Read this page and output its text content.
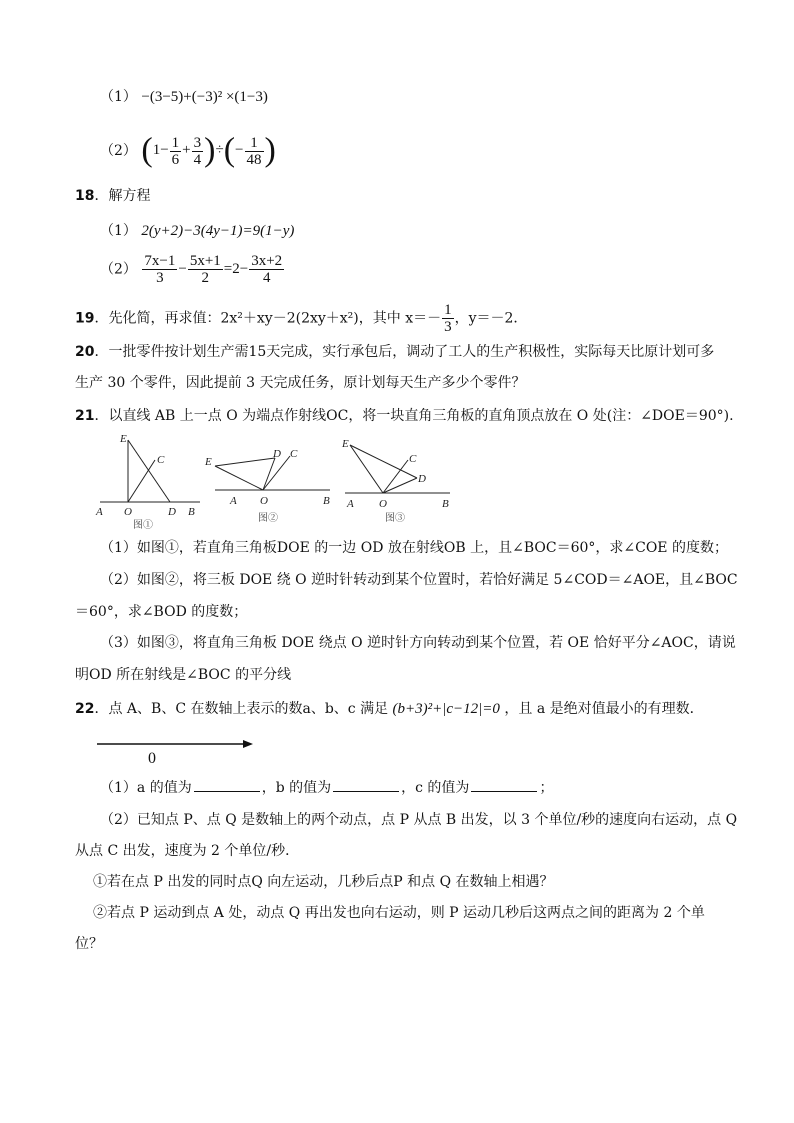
（1） −(3−5)+(−3)² ×(1−3)
（2） ($1- \frac{1}{6} + \frac{3}{4}$ )÷(− $\frac{1}{48}$ )
18．解方程
（1） 2(y+2)−3(4y−1)=9(1−y)
$(2) \frac{7x-1}{3} - \frac{5x+1}{2} =2- \frac{3x+2}{4}$
19．先化简，再求值：2x²＋xy－2(2xy＋x²)，其中 $x=- \frac{1}{3}$ ，y＝－2．
20．一批零件按计划生产需15天完成，实行承包后，调动了工人的生产积极性，实际每天比原计划可多
生产 30 个零件，因此提前 3 天完成任务，原计划每天生产多少个零件？
21．以直线 AB 上一点 O 为端点作射线OC，将一块直角三角板的直角顶点放在 O 处(注：∠DOE＝90°).
E
C
A O	D B
图①
E
D C
A O	B
图②
E
C
D
A O	B
图③
（1）如图①，若直角三角板DOE 的一边 OD 放在射线OB 上，且∠BOC＝60°，求∠COE 的度数；
（2）如图②，将三板 DOE 绕 O 逆时针转动到某个位置时，若恰好满足 5∠COD＝∠AOE，且∠BOC
＝60°，求∠BOD 的度数；
（3）如图③，将直角三角板 DOE 绕点 O 逆时针方向转动到某个位置，若 OE 恰好平分∠AOC，请说
明OD 所在射线是∠BOC 的平分线
22．点 A、B、C 在数轴上表示的数a、b、c 满足 (b+3)²+|c−12|=0 ，且 a 是绝对值最小的有理数．
0
（1）a 的值为	，b 的值为	，c 的值为	；
（2）已知点 P、点 Q 是数轴上的两个动点，点 P 从点 B 出发，以 3 个单位/秒的速度向右运动，点 Q
从点 C 出发，速度为 2 个单位/秒．
①若在点 P 出发的同时点Q 向左运动，几秒后点P 和点 Q 在数轴上相遇？
②若点 P 运动到点 A 处，动点 Q 再出发也向右运动，则 P 运动几秒后这两点之间的距离为 2 个单
位？
